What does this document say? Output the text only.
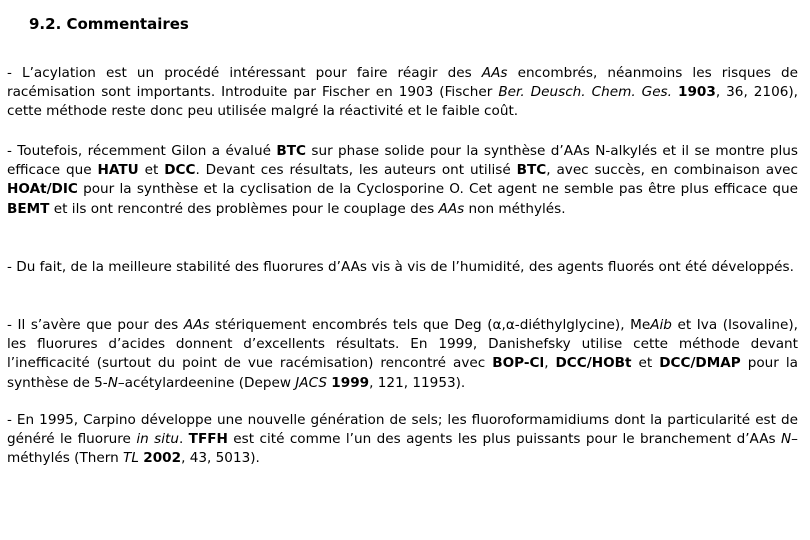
9.2. Commentaires
- L’acylation est un procédé intéressant pour faire réagir des AAs encombrés, néanmoins les risques de racémisation sont importants. Introduite par Fischer en 1903 (Fischer Ber. Deusch. Chem. Ges. 1903, 36, 2106), cette méthode reste donc peu utilisée malgré la réactivité et le faible coût.
- Toutefois, récemment Gilon a évalué BTC sur phase solide pour la synthèse d’AAs N-alkylés et il se montre plus efficace que HATU et DCC. Devant ces résultats, les auteurs ont utilisé BTC, avec succès, en combinaison avec HOAt/DIC pour la synthèse et la cyclisation de la Cyclosporine O. Cet agent ne semble pas être plus efficace que BEMT et ils ont rencontré des problèmes pour le couplage des AAs non méthylés.
- Du fait, de la meilleure stabilité des fluorures d’AAs vis à vis de l’humidité, des agents fluorés ont été développés.
- Il s’avère que pour des AAs stériquement encombrés tels que Deg (α,α-diéthylglycine), MeAib et Iva (Isovaline), les fluorures d’acides donnent d’excellents résultats. En 1999, Danishefsky utilise cette méthode devant l’inefficacité (surtout du point de vue racémisation) rencontré avec BOP-Cl, DCC/HOBt et DCC/DMAP pour la synthèse de 5-N–acétylardeenine (Depew JACS 1999, 121, 11953).
- En 1995, Carpino développe une nouvelle génération de sels; les fluoroformamidiums dont la particularité est de généré le fluorure in situ. TFFH est cité comme l’un des agents les plus puissants pour le branchement d’AAs N–méthylés (Thern TL 2002, 43, 5013).
